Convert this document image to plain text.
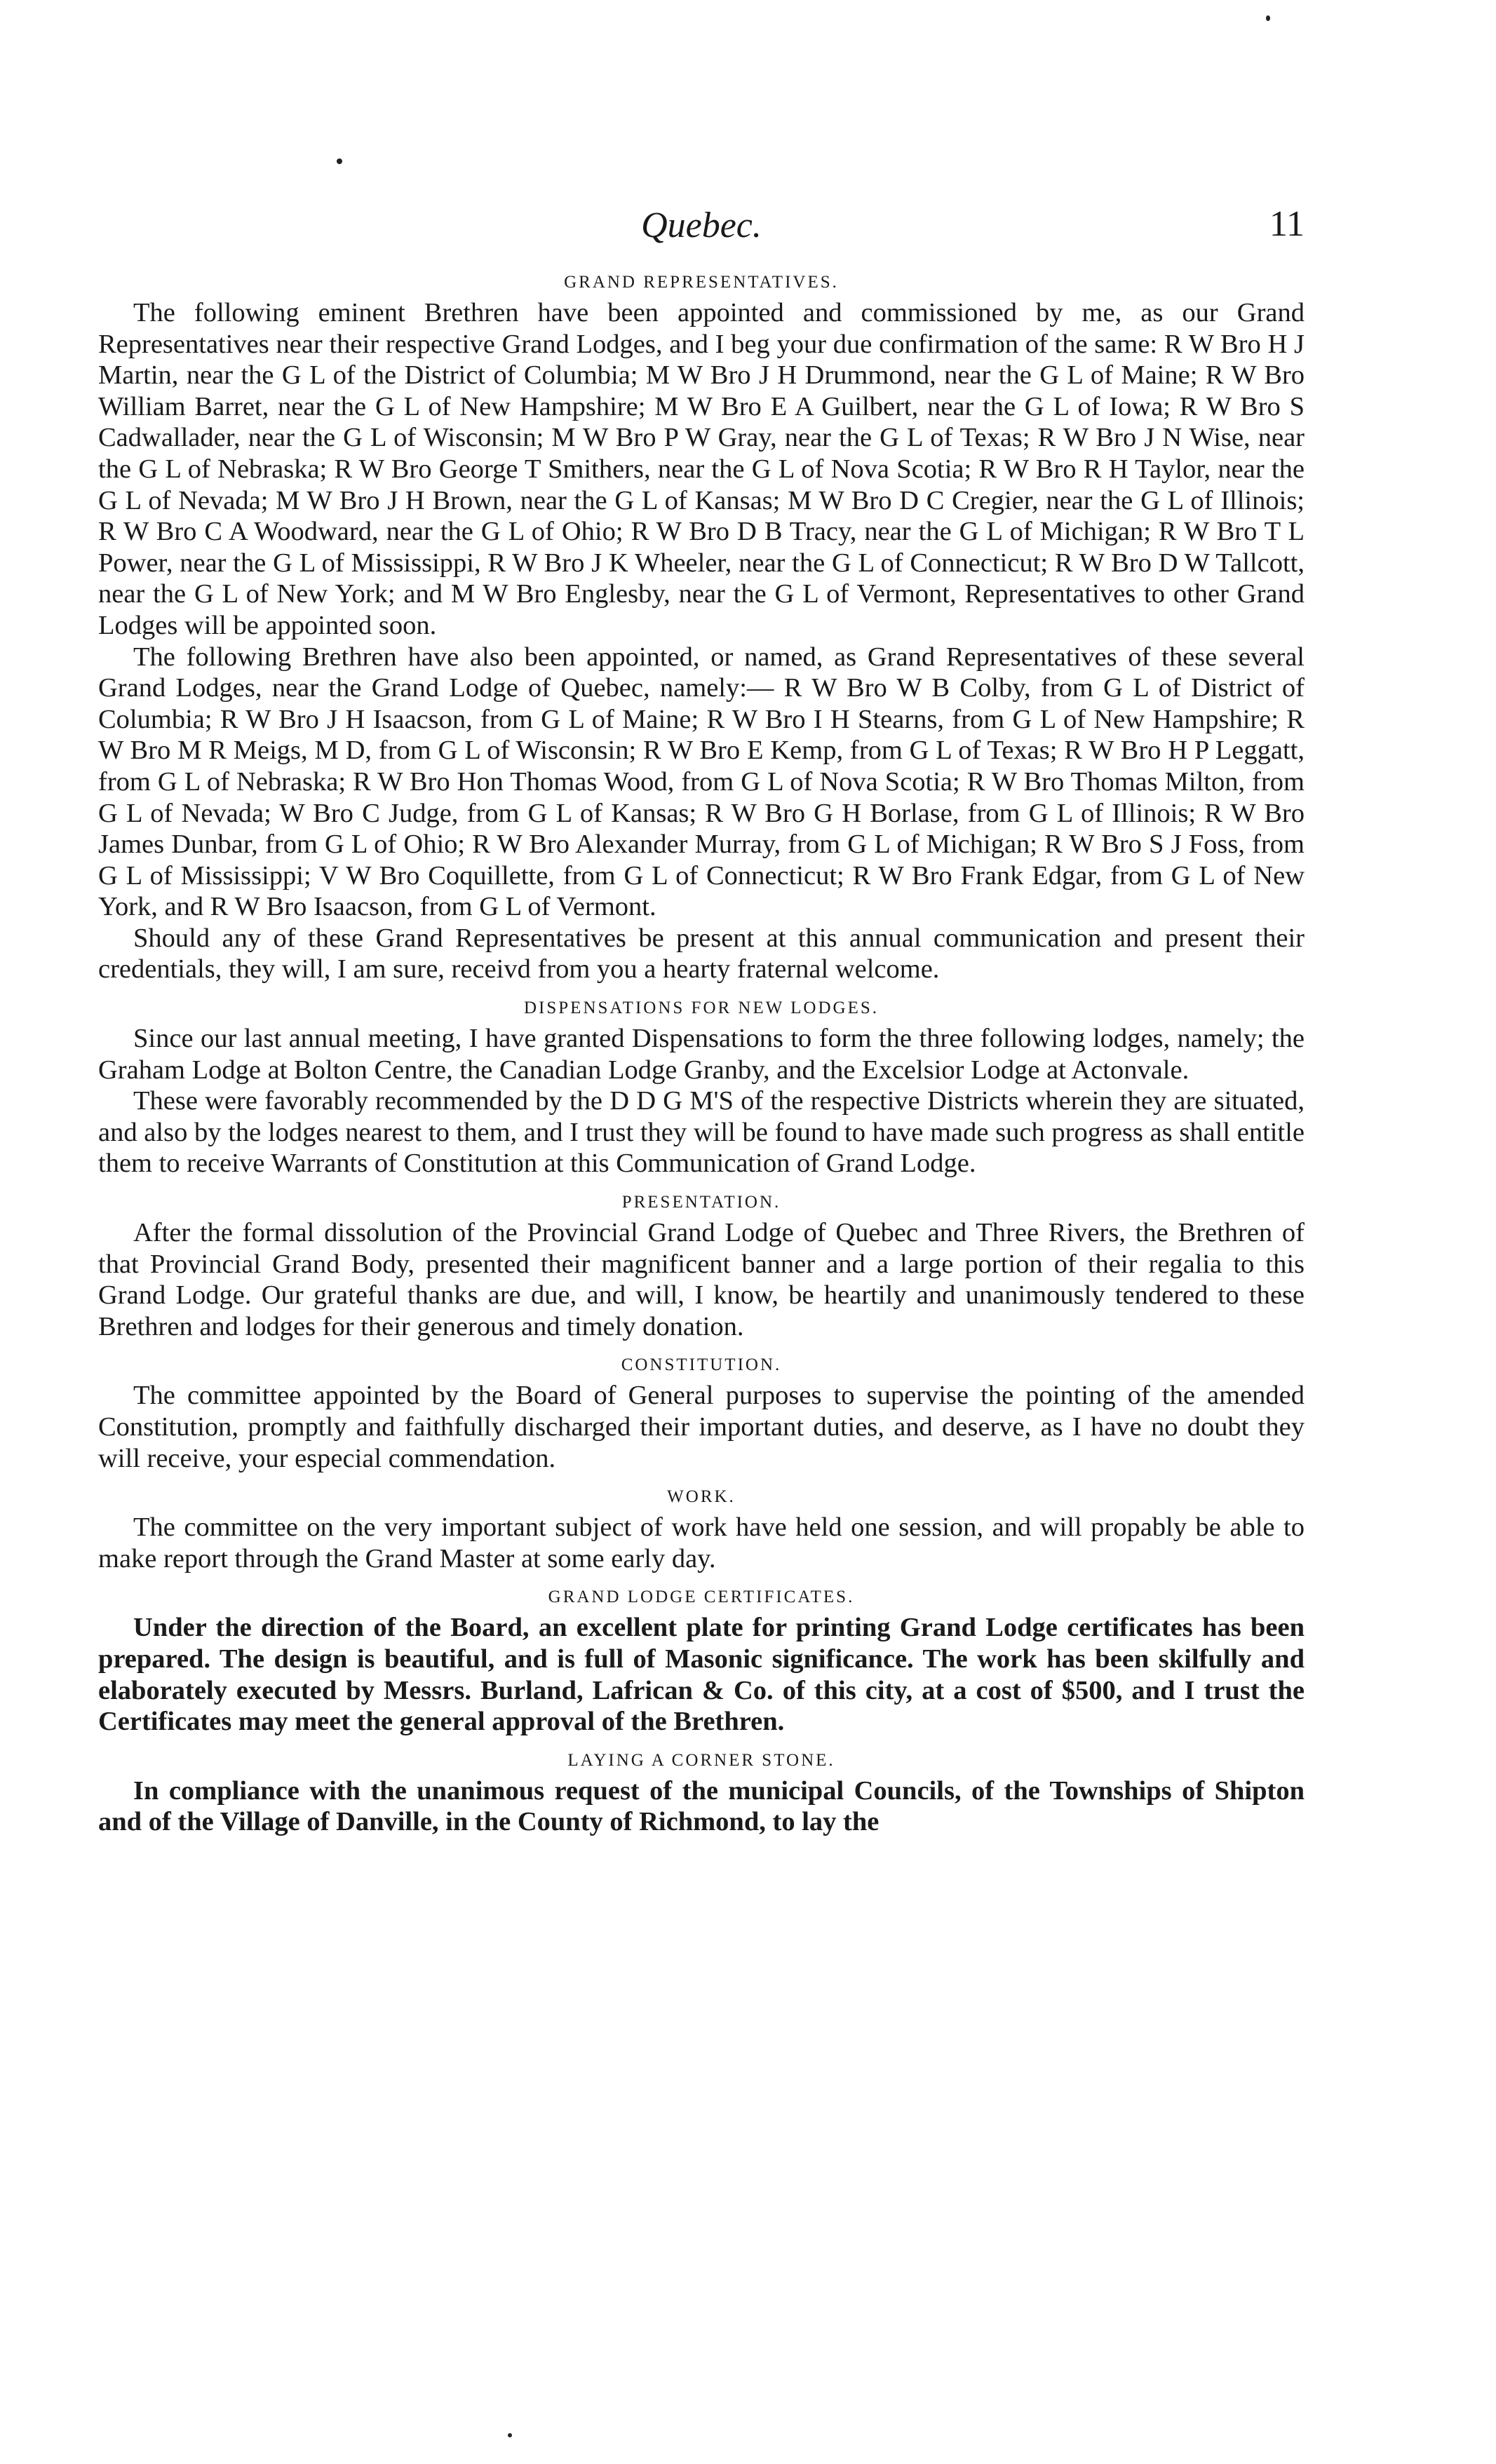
Quebec.	11
GRAND REPRESENTATIVES.

The following eminent Brethren have been appointed and commissioned by me, as our Grand Representatives near their respective Grand Lodges, and I beg your due confirmation of the same: R W Bro H J Martin, near the G L of the District of Columbia; M W Bro J H Drummond, near the G L of Maine; R W Bro William Barret, near the G L of New Hampshire; M W Bro E A Guilbert, near the G L of Iowa; R W Bro S Cadwallader, near the G L of Wisconsin; M W Bro P W Gray, near the G L of Texas; R W Bro J N Wise, near the G L of Nebraska; R W Bro George T Smithers, near the G L of Nova Scotia; R W Bro R H Taylor, near the G L of Nevada; M W Bro J H Brown, near the G L of Kansas; M W Bro D C Cregier, near the G L of Illinois; R W Bro C A Woodward, near the G L of Ohio; R W Bro D B Tracy, near the G L of Michigan; R W Bro T L Power, near the G L of Mississippi, R W Bro J K Wheeler, near the G L of Connecticut; R W Bro D W Tallcott, near the G L of New York; and M W Bro Englesby, near the G L of Vermont, Representatives to other Grand Lodges will be appointed soon.

The following Brethren have also been appointed, or named, as Grand Representatives of these several Grand Lodges, near the Grand Lodge of Quebec, namely:— R W Bro W B Colby, from G L of District of Columbia; R W Bro J H Isaacson, from G L of Maine; R W Bro I H Stearns, from G L of New Hampshire; R W Bro M R Meigs, M D, from G L of Wisconsin; R W Bro E Kemp, from G L of Texas; R W Bro H P Leggatt, from G L of Nebraska; R W Bro Hon Thomas Wood, from G L of Nova Scotia; R W Bro Thomas Milton, from G L of Nevada; W Bro C Judge, from G L of Kansas; R W Bro G H Borlase, from G L of Illinois; R W Bro James Dunbar, from G L of Ohio; R W Bro Alexander Murray, from G L of Michigan; R W Bro S J Foss, from G L of Mississippi; V W Bro Coquillette, from G L of Connecticut; R W Bro Frank Edgar, from G L of New York, and R W Bro Isaacson, from G L of Vermont.

Should any of these Grand Representatives be present at this annual communication and present their credentials, they will, I am sure, receivd from you a hearty fraternal welcome.

DISPENSATIONS FOR NEW LODGES.

Since our last annual meeting, I have granted Dispensations to form the three following lodges, namely; the Graham Lodge at Bolton Centre, the Canadian Lodge Granby, and the Excelsior Lodge at Actonvale.

These were favorably recommended by the D D G M'S of the respective Districts wherein they are situated, and also by the lodges nearest to them, and I trust they will be found to have made such progress as shall entitle them to receive Warrants of Constitution at this Communication of Grand Lodge.

PRESENTATION.

After the formal dissolution of the Provincial Grand Lodge of Quebec and Three Rivers, the Brethren of that Provincial Grand Body, presented their magnificent banner and a large portion of their regalia to this Grand Lodge. Our grateful thanks are due, and will, I know, be heartily and unanimously tendered to these Brethren and lodges for their generous and timely donation.

CONSTITUTION.

The committee appointed by the Board of General purposes to supervise the pointing of the amended Constitution, promptly and faithfully discharged their important duties, and deserve, as I have no doubt they will receive, your especial commendation.

WORK.

The committee on the very important subject of work have held one session, and will propably be able to make report through the Grand Master at some early day.

GRAND LODGE CERTIFICATES.

Under the direction of the Board, an excellent plate for printing Grand Lodge certificates has been prepared. The design is beautiful, and is full of Masonic significance. The work has been skilfully and elaborately executed by Messrs. Burland, Lafrican & Co. of this city, at a cost of $500, and I trust the Certificates may meet the general approval of the Brethren.

LAYING A CORNER STONE.

In compliance with the unanimous request of the municipal Councils, of the Townships of Shipton and of the Village of Danville, in the County of Richmond, to lay the
